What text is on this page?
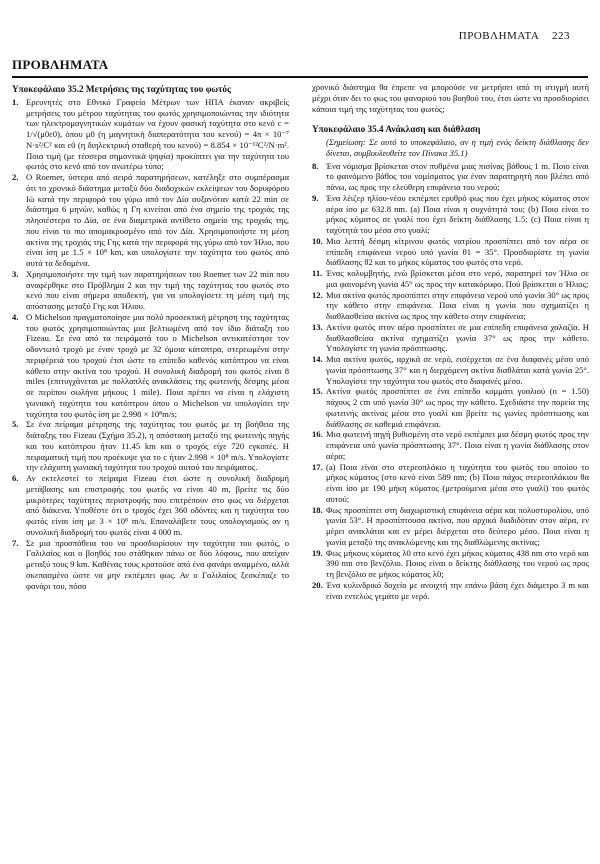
ΠΡΟΒΛΗΜΑΤΑ 223
ΠΡΟΒΛΗΜΑΤΑ
Υποκεφάλαιο 35.2 Μετρήσεις της ταχύτητας του φωτός
1. Ερευνητές στο Εθνικό Γραφείο Μέτρων των ΗΠΑ έκαναν ακριβείς μετρήσεις του μέτρου ταχύτητας του φωτός χρησιμοποιώντας την ιδιότητα των ηλεκτρομαγνητικών κυμάτων να έχουν φασική ταχύτητα στο κενό c = 1/√(μ0ε0), όπου μ0 (η μαγνητική διαπερατότητα του κενού) = 4π × 10⁻⁷ N·s²/C² και ε0 (η διηλεκτρική σταθερή του κενού) = 8.854 × 10⁻¹²C²/N·m². Ποια τιμή (με τέσσερα σημαντικά ψηφία) προκύπτει για την ταχύτητα του φωτός στο κενό από τον ανωτέρω τύπο;
2. O Roemer, ύστερα από σειρά παρατηρήσεων, κατέληξε στο συμπέρασμα ότι το χρονικό διάστημα μεταξύ δύο διαδοχικών εκλείψεων του δορυφόρου Ιώ κατά την περιφορά του γύρω από τον Δία αυξανόταν κατά 22 min σε διάστημα 6 μηνών, καθώς η Γη κινείται από ένα σημείο της τροχιάς της πλησιέστερα το Δία, σε ένα διαμετρικά αντίθετο σημείο της τροχιάς της, που είναι το πιο απομακρυσμένο από τον Δία. Χρησιμοποιήστε τη μέση ακτίνα της τροχιάς της Γης κατά την περιφορά της γύρω από τον Ήλιο, που είναι ίση με 1.5 × 10⁸ km, και υπολογίστε την ταχύτητα του φωτός από αυτά τα δεδομένα.
3. Χρησιμοποιήστε την τιμή των παρατηρήσεων του Roemer των 22 min που αναφέρθηκε στο Πρόβλημα 2 και την τιμή της ταχύτητας του φωτός στο κενό που είναι σήμερα αποδεκτή, για να υπολογίσετε τη μέση τιμή της απόστασης μεταξύ Γης και Ήλιου.
4. O Michelson πραγματοποίησε μια πολύ προσεκτική μέτρηση της ταχύτητας του φωτός χρησιμοποιώντας μια βελτιωμένη από τον ίδιο διάταξη του Fizeau. Σε ένα από τα πειράματά του ο Michelson αντικατέστησε τον οδοντωτό τροχό με έναν τροχό με 32 όμοια κάτοπτρα, στερεωμένα στην περιφέρειά του τροχού έτσι ώστε το επίπεδο καθενός κατόπτρου να είναι κάθετο στην ακτίνα του τροχού. Η συνολική διαδρομή του φωτός είναι 8 miles (επιτυγχάνεται με πολλαπλές ανακλάσεις της φωτεινής δέσμης μέσα σε περίπου σωλήνα μήκους 1 mile). Ποια πρέπει να είναι η ελάχιστη γωνιακή ταχύτητα του κατόπτρου όπου ο Michelson να υπολογίσει την ταχύτητα του φωτός ίση με 2.998 × 10⁸m/s;
5. Σε ένα πείραμα μέτρησης της ταχύτητας του φωτός με τη βοήθεια της διάταξης του Fizeau (Σχήμα 35.2), η απόσταση μεταξύ της φωτεινής πηγής και του κατόπτρου ήταν 11.45 km και ο τροχός είχε 720 εγκοπές. Η πειραματική τιμή που προέκυψε για το c ήταν 2.998 × 10⁸ m/s. Υπολογίστε την ελάχιστη γωνιακή ταχύτητα του τροχού αυτού του πειράματος.
6. Αν εκτελεστεί το πείραμα Fizeau έτσι ώστε η συνολική διαδρομή μετάβασης και επιστροφής του φωτός να είναι 40 m, βρείτε τις δύο μικρότερες ταχύτητες περιστροφής που επιτρέπουν στο φως να διέρχεται από διάκενα. Υποθέστε ότι ο τροχός έχει 360 οδόντες και η ταχύτητα του φωτός είναι ίση με 3 × 10⁸ m/s. Επαναλάβετε τους υπολογισμούς αν η συνολική διαδρομή του φωτός είναι 4 000 m.
7. Σε μια προσπάθεια του να προσδιορίσουν την ταχύτητα του φωτός, ο Γαλιλαίος και ο βοηθός του στάθηκαν πάνω σε δύο λόφους, που απείχαν μεταξύ τους 9 km. Καθένας τους κρατούσε από ένα φανάρι αναμμένο, αλλά σκεπασμένο ώστε να μην εκπέμπει φως. Αν ο Γαλιλαίος ξεσκέπαζε το φανάρι του, πόσο
χρονικό διάστημα θα έπρεπε να μπορούσε να μετρήσει από τη στιγμή αυτή μέχρι όταν δει το φως του φαναριού του βοηθού του, έτσι ώστε να προσδιορίσει κάποια τιμή της ταχύτητας του φωτός;
Υποκεφάλαιο 35.4 Ανάκλαση και διάθλαση
(Σημείωση: Σε αυτό το υποκεφάλαιο, αν η τιμή ενός δείκτη διάθλασης δεν δίνεται, συμβουλευθείτε τον Πίνακα 35.1)
8. Ένα νόμισμα βρίσκεται στον πυθμένα μιας πισίνας βάθους 1 m. Ποιο είναι το φαινόμενο βάθος του νομίσματος για έναν παρατηρητή που βλέπει από πάνω, ως προς την ελεύθερη επιφάνεια του νερού;
9. Ένα λέιζερ ηλίου-νέου εκπέμπει ερυθρό φως που έχει μήκος κύματος στον αέρα ίσο με 632.8 nm. (a) Ποια είναι η συχνότητά του; (b) Ποιο είναι το μήκος κύματος σε γυαλί που έχει δείκτη διάθλασης 1.5; (c) Ποια είναι η ταχύτητά του μέσα στο γυαλί;
10. Μια λεπτή δέσμη κίτρινου φωτός νατρίου προσπίπτει από τον αέρα σε επίπεδη επιφάνεια νερού υπό γωνία θ1 = 35°. Προσδιορίστε τη γωνία διάθλασης θ2 και το μήκος κύματος του φωτός στο νερό.
11. Ένας κολυμβητής, ενώ βρίσκεται μέσα στο νερό, παρατηρεί τον Ήλιο σε μια φαινομένη γωνία 45° ως προς την κατακόρυφο. Πού βρίσκεται ο Ήλιος;
12. Μια ακτίνα φωτός προσπίπτει στην επιφάνεια νερού υπό γωνία 30° ως προς την κάθετο στην επιφάνεια. Ποια είναι η γωνία που σχηματίζει η διαθλασθείσα ακτίνα ως προς την κάθετο στην επιφάνεια;
13. Ακτίνα φωτός στον αέρα προσπίπτει σε μια επίπεδη επιφάνεια χαλαζία. Η διαθλασθείσα ακτίνα σχηματίζει γωνία 37° ως προς την κάθετο. Υπολογίστε τη γωνία πρόσπτωσης.
14. Μια ακτίνα φωτός, αρχικά σε νερό, εισέρχεται σε ένα διαφανές μέσο υπό γωνία πρόσπτωσης 37° και η διερχόμενη ακτίνα διαθλάται κατά γωνία 25°. Υπολογίστε την ταχύτητα του φωτός στο διαφανές μέσο.
15. Ακτίνα φωτός προσπίπτει σε ένα επίπεδο κομμάτι γυαλιού (n = 1.50) πάχους 2 cm υπό γωνία 30° ως προς την κάθετο. Σχεδιάστε την πορεία της φωτεινής ακτίνας μέσα στο γυαλί και βρείτε τις γωνίες πρόσπτωσης και διάθλασης σε καθεμιά επιφάνεια.
16. Μια φωτεινή πηγή βυθισμένη στο νερό εκπέμπει μια δέσμη φωτός προς την επιφάνεια υπό γωνία πρόσπτωσης 37°. Ποια είναι η γωνία διάθλασης στον αέρα;
17. (a) Ποια είναι στο στερεοπλάκιο η ταχύτητα του φωτός του οποίου το μήκος κύματος (στο κενό είναι 589 nm; (b) Ποιο πάχος στερεοπλάκιου θα είναι ίσο με 190 μήκη κύματος (μετρούμενα μέσα στο γυαλί) του φωτός αυτού;
18. Φως προσπίπτει στη διαχωριστική επιφάνεια αέρα και πολυστυρολίου, υπό γωνία 53°. Η προσπίπτουσα ακτίνα, που αρχικά διαδιδόταν στον αέρα, εν μέρει ανακλάται και εν μέρει διέρχεται στο δεύτερο μέσο. Ποια είναι η γωνία μεταξύ της ανακλώμενης και της διαθλώμενης ακτίνας;
19. Φως μήκους κύματος λ0 στο κενό έχει μήκος κύματος 438 nm στο νερό και 390 nm στο βενζόλιο. Ποιος είναι ο δείκτης διάθλασης του νερού ως προς τη βενζόλιο σε μήκος κύματος λ0;
20. Ένα κυλινδρικό δοχείο με ανοιχτή την επάνω βάση έχει διάμετρο 3 m και είναι εντελώς γεμάτο με νερό.
